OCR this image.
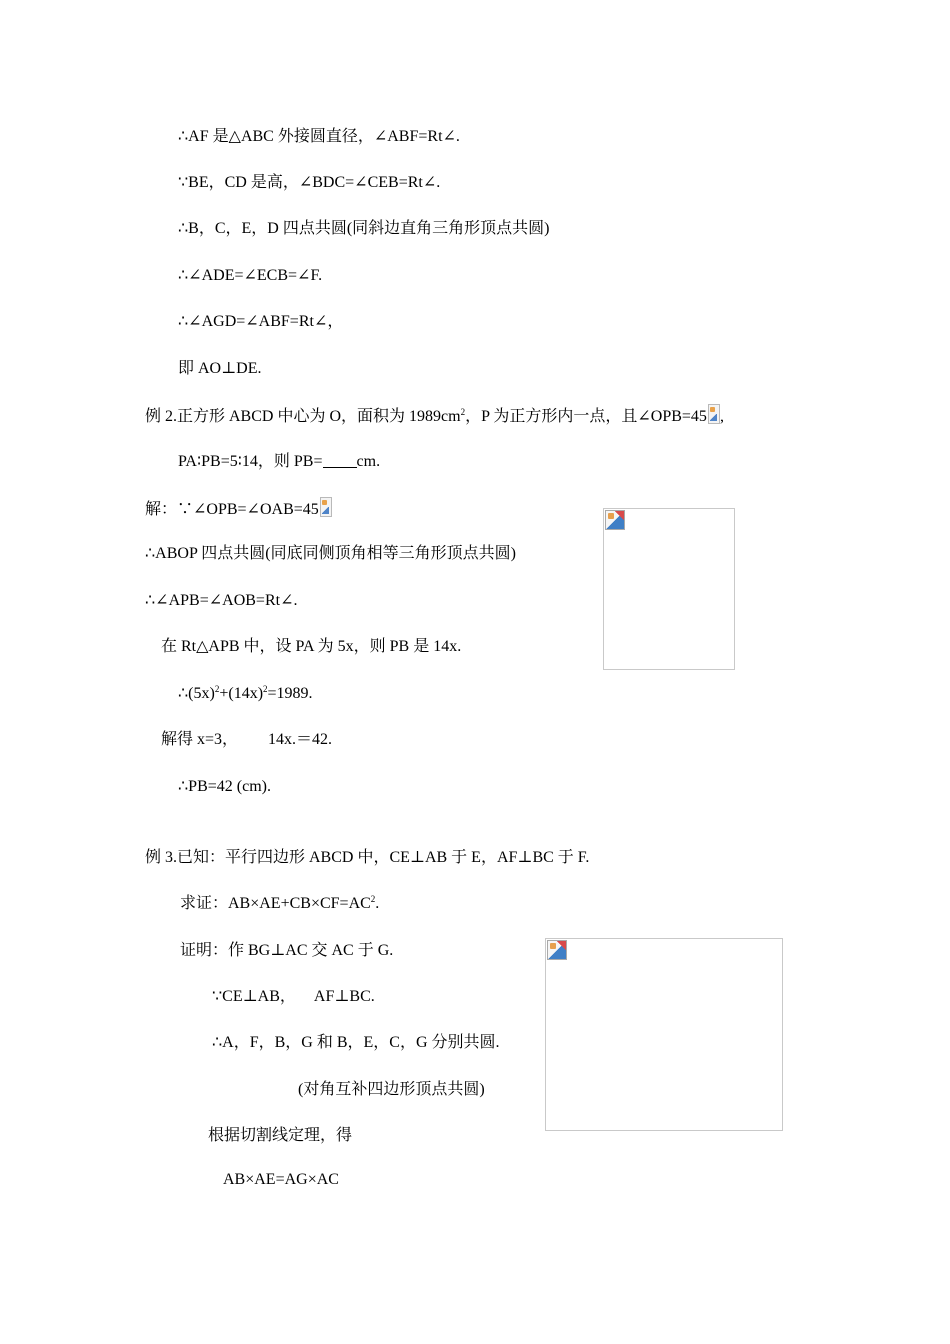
∴AF 是△ABC 外接圆直径，∠ABF=Rt∠.
∵BE，CD 是高，∠BDC=∠CEB=Rt∠.
∴B，C，E，D 四点共圆(同斜边直角三角形顶点共圆)
∴∠ADE=∠ECB=∠F.
∴∠AGD=∠ABF=Rt∠，
即 AO⊥DE.
例 2.正方形 ABCD 中心为 O，面积为 $1989cm^2$，P 为正方形内一点，且∠OPB=45 ,
PA∶PB=5∶14，则 PB= cm.
解：∵∠OPB=∠OAB=45
∴ABOP 四点共圆(同底同侧顶角相等三角形顶点共圆)
∴∠APB=∠AOB=Rt∠.
在 Rt△APB 中，设 PA 为 5x，则 PB 是 14x.
$\therefore(5x)^2+(14x)^2=1989$.
解得 x=3， 14x.＝42.
∴PB=42 (cm).
例 3.已知：平行四边形 ABCD 中，CE⊥AB 于 E，AF⊥BC 于 F.
求证：$AB\times AE+CB\times CF=AC^2$.
证明：作 BG⊥AC 交 AC 于 G.
∵CE⊥AB， AF⊥BC.
∴A，F，B，G 和 B，E，C，G 分别共圆.
(对角互补四边形顶点共圆)
根据切割线定理，得
AB×AE=AG×AC
